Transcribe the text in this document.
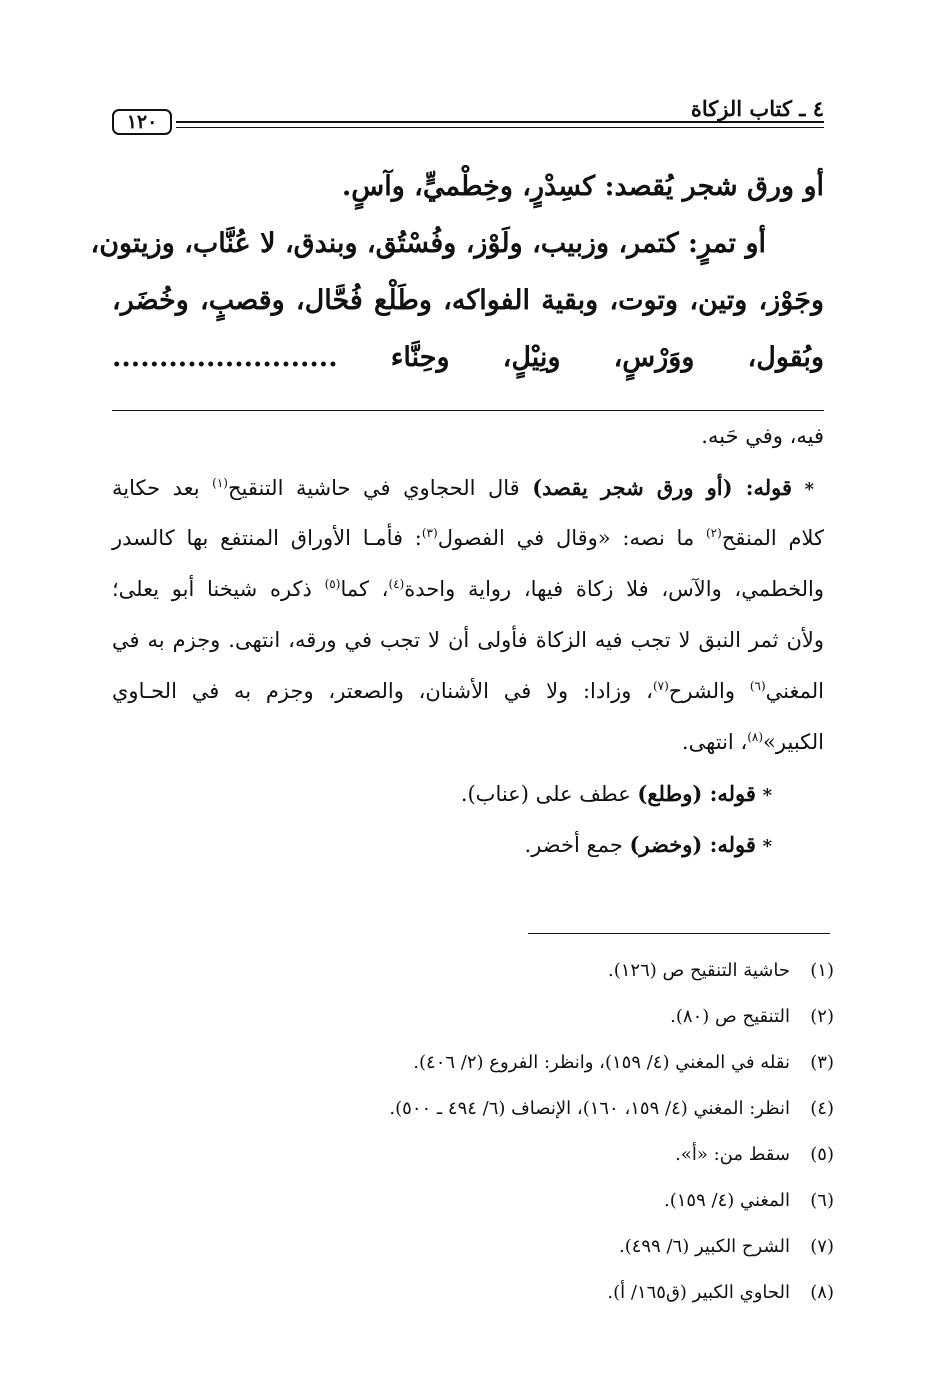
٤ ـ كتاب الزكاة
١٢٠
أو ورق شجر يُقصد: كسِدْرٍ، وخِطْميٍّ، وآسٍ.
أو تمرٍ: كتمر، وزبيب، ولَوْز، وفُسْتُق، وبندق، لا عُنَّاب، وزيتون،
وجَوْز، وتين، وتوت، وبقية الفواكه، وطَلْع فُحَّال، وقصبٍ، وخُضَر،
وبُقول، ووَرْسٍ، ونِيْلٍ، وحِنَّاء ........................
فيه، وفي حَبه.
* قوله: (أو ورق شجر يقصد) قال الحجاوي في حاشية التنقيح$^{(١)}$ بعد حكاية
كلام المنقح$^{(٢)}$ ما نصه: «وقال في الفصول$^{(٣)}$: فأمـا الأوراق المنتفع بها كالسدر
والخطمي، والآس، فلا زكاة فيها، رواية واحدة$^{(٤)}$، كما$^{(٥)}$ ذكره شيخنا أبو يعلى؛
ولأن ثمر النبق لا تجب فيه الزكاة فأولى أن لا تجب في ورقه، انتهى. وجزم به في
المغني$^{(٦)}$ والشرح$^{(٧)}$، وزادا: ولا في الأشنان، والصعتر، وجزم به في الحـاوي
الكبير»$^{(٨)}$، انتهى.
* قوله: (وطلع) عطف على (عناب).
* قوله: (وخضر) جمع أخضر.
(١)حاشية التنقيح ص (١٢٦).
(٢)التنقيح ص (٨٠).
(٣)نقله في المغني (٤/ ١٥٩)، وانظر: الفروع (٢/ ٤٠٦).
(٤)انظر: المغني (٤/ ١٥٩، ١٦٠)، الإنصاف (٦/ ٤٩٤ ـ ٥٠٠).
(٥)سقط من: «أ».
(٦)المغني (٤/ ١٥٩).
(٧)الشرح الكبير (٦/ ٤٩٩).
(٨)الحاوي الكبير (ق١٦٥/ أ).
